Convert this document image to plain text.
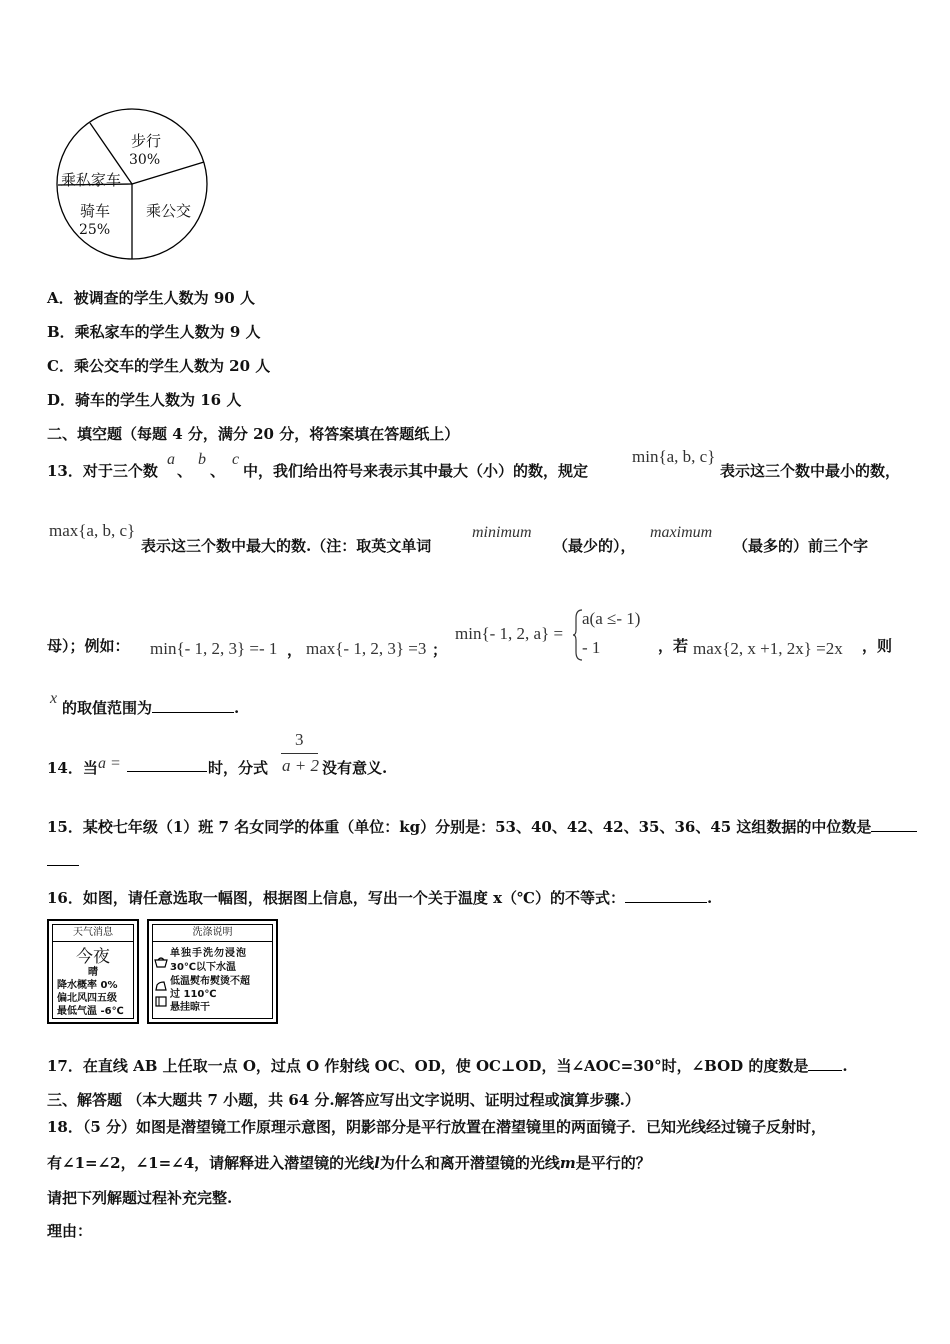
步行
30%
乘私家车
骑车
25%
乘公交
A．被调查的学生人数为 90 人
B．乘私家车的学生人数为 9 人
C．乘公交车的学生人数为 20 人
D．骑车的学生人数为 16 人
二、填空题（每题 4 分，满分 20 分，将答案填在答题纸上）
13．对于三个数
a
、
b
、
c
中，我们给出符号来表示其中最大（小）的数，规定
min{a, b, c}
表示这三个数中最小的数，
max{a, b, c}
表示这三个数中最大的数.（注：取英文单词
minimum
（最少的），
maximum
（最多的）前三个字
母）；例如： min{- 1, 2, 3} =- 1 ， max{- 1, 2, 3} =3 ；
min{- 1, 2, a} =
a(a ≤- 1)
- 1	，若 max{2, x +1, 2x} =2x ，则
x
的取值范围为	.
14．当 a =	时，分式
3
a + 2 没有意义.
15．某校七年级（1）班 7 名女同学的体重（单位：kg）分别是：53、40、42、42、35、36、45 这组数据的中位数是
16．如图，请任意选取一幅图，根据图上信息，写出一个关于温度 x（℃）的不等式：	.
天气消息
今夜
晴
降水概率 0%
偏北风四五级
最低气温 -6℃
洗涤说明
单独手洗勿浸泡
30℃以下水温
低温熨布熨烫不超
过 110℃
悬挂晾干
17．在直线 AB 上任取一点 O，过点 O 作射线 OC、OD，使 OC⊥OD，当∠AOC=30°时，∠BOD 的度数是 .
三、解答题 （本大题共 7 小题，共 64 分.解答应写出文字说明、证明过程或演算步骤.）
18．（5 分）如图是潜望镜工作原理示意图，阴影部分是平行放置在潜望镜里的两面镜子．已知光线经过镜子反射时，
有∠1=∠2，∠1=∠4，请解释进入潜望镜的光线l为什么和离开潜望镜的光线m是平行的？
请把下列解题过程补充完整.
理由：
